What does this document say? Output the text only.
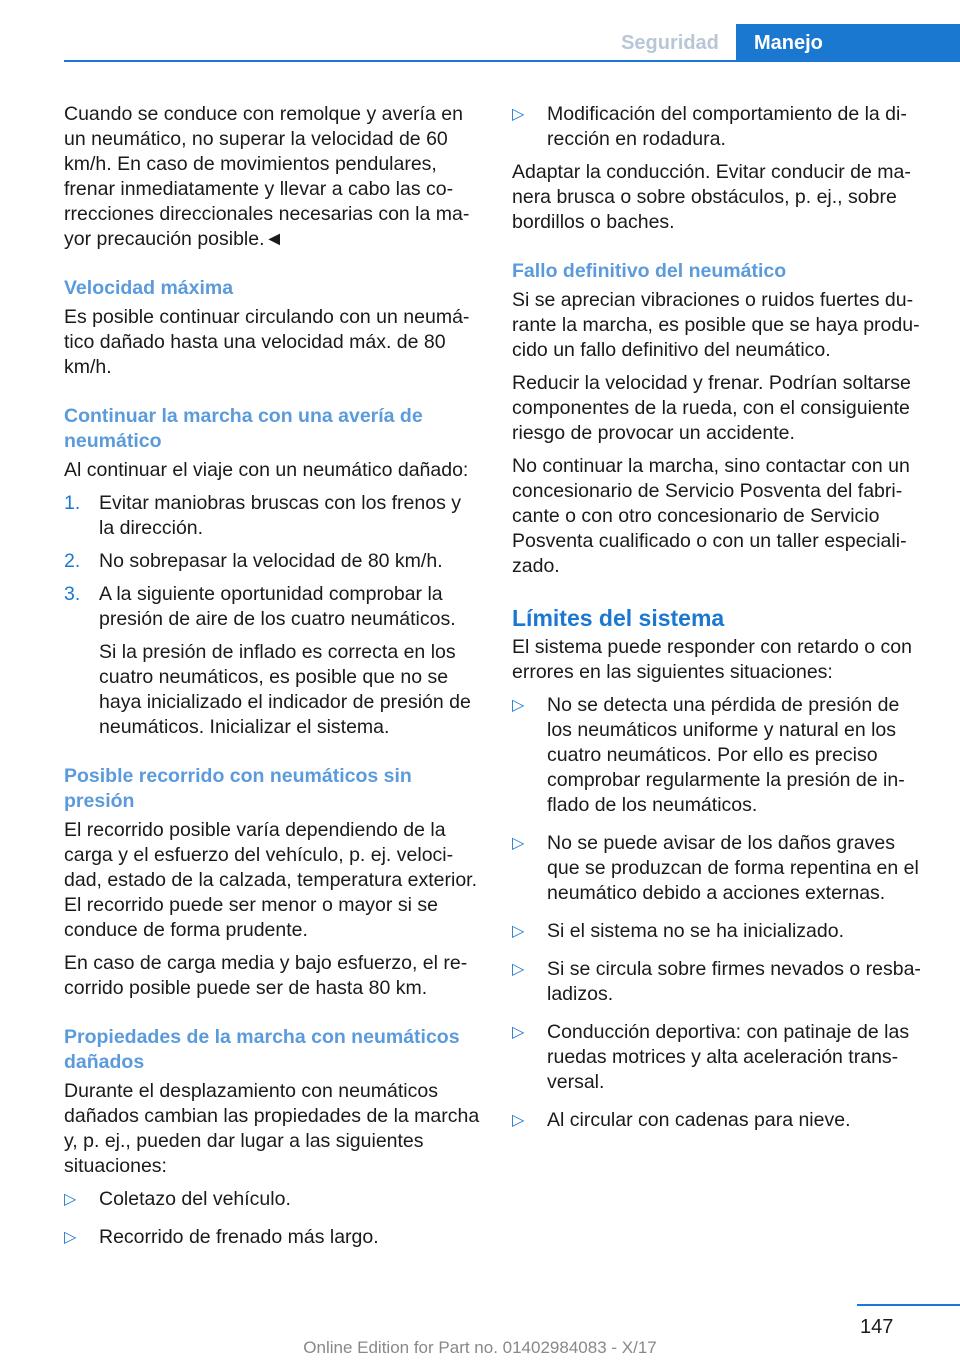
Seguridad	Manejo

Cuando se conduce con remolque y avería en un neumático, no superar la velocidad de 60 km/h. En caso de movimientos pendulares, frenar inmediatamente y llevar a cabo las correcciones direccionales necesarias con la mayor precaución posible.◄

Velocidad máxima

Es posible continuar circulando con un neumático dañado hasta una velocidad máx. de 80 km/h.

Continuar la marcha con una avería de neumático

Al continuar el viaje con un neumático dañado:

1. Evitar maniobras bruscas con los frenos y la dirección.
2. No sobrepasar la velocidad de 80 km/h.
3. A la siguiente oportunidad comprobar la presión de aire de los cuatro neumáticos.
Si la presión de inflado es correcta en los cuatro neumáticos, es posible que no se haya inicializado el indicador de presión de neumáticos. Inicializar el sistema.
Posible recorrido con neumáticos sin presión

El recorrido posible varía dependiendo de la carga y el esfuerzo del vehículo, p. ej. velocidad, estado de la calzada, temperatura exterior. El recorrido puede ser menor o mayor si se conduce de forma prudente.

En caso de carga media y bajo esfuerzo, el recorrido posible puede ser de hasta 80 km.

Propiedades de la marcha con neumáticos dañados

Durante el desplazamiento con neumáticos dañados cambian las propiedades de la marcha y, p. ej., pueden dar lugar a las siguientes situaciones:

▷ Coletazo del vehículo.
▷ Recorrido de frenado más largo.
▷ Modificación del comportamiento de la dirección en rodadura.

Adaptar la conducción. Evitar conducir de manera brusca o sobre obstáculos, p. ej., sobre bordillos o baches.

Fallo definitivo del neumático

Si se aprecian vibraciones o ruidos fuertes durante la marcha, es posible que se haya producido un fallo definitivo del neumático.

Reducir la velocidad y frenar. Podrían soltarse componentes de la rueda, con el consiguiente riesgo de provocar un accidente.

No continuar la marcha, sino contactar con un concesionario de Servicio Posventa del fabricante o con otro concesionario de Servicio Posventa cualificado o con un taller especializado.

Límites del sistema

El sistema puede responder con retardo o con errores en las siguientes situaciones:

▷ No se detecta una pérdida de presión de los neumáticos uniforme y natural en los cuatro neumáticos. Por ello es preciso comprobar regularmente la presión de inflado de los neumáticos.
▷ No se puede avisar de los daños graves que se produzcan de forma repentina en el neumático debido a acciones externas.
▷ Si el sistema no se ha inicializado.
▷ Si se circula sobre firmes nevados o resbaladizos.
▷ Conducción deportiva: con patinaje de las ruedas motrices y alta aceleración transversal.
▷ Al circular con cadenas para nieve.
147
Online Edition for Part no. 01402984083 - X/17
